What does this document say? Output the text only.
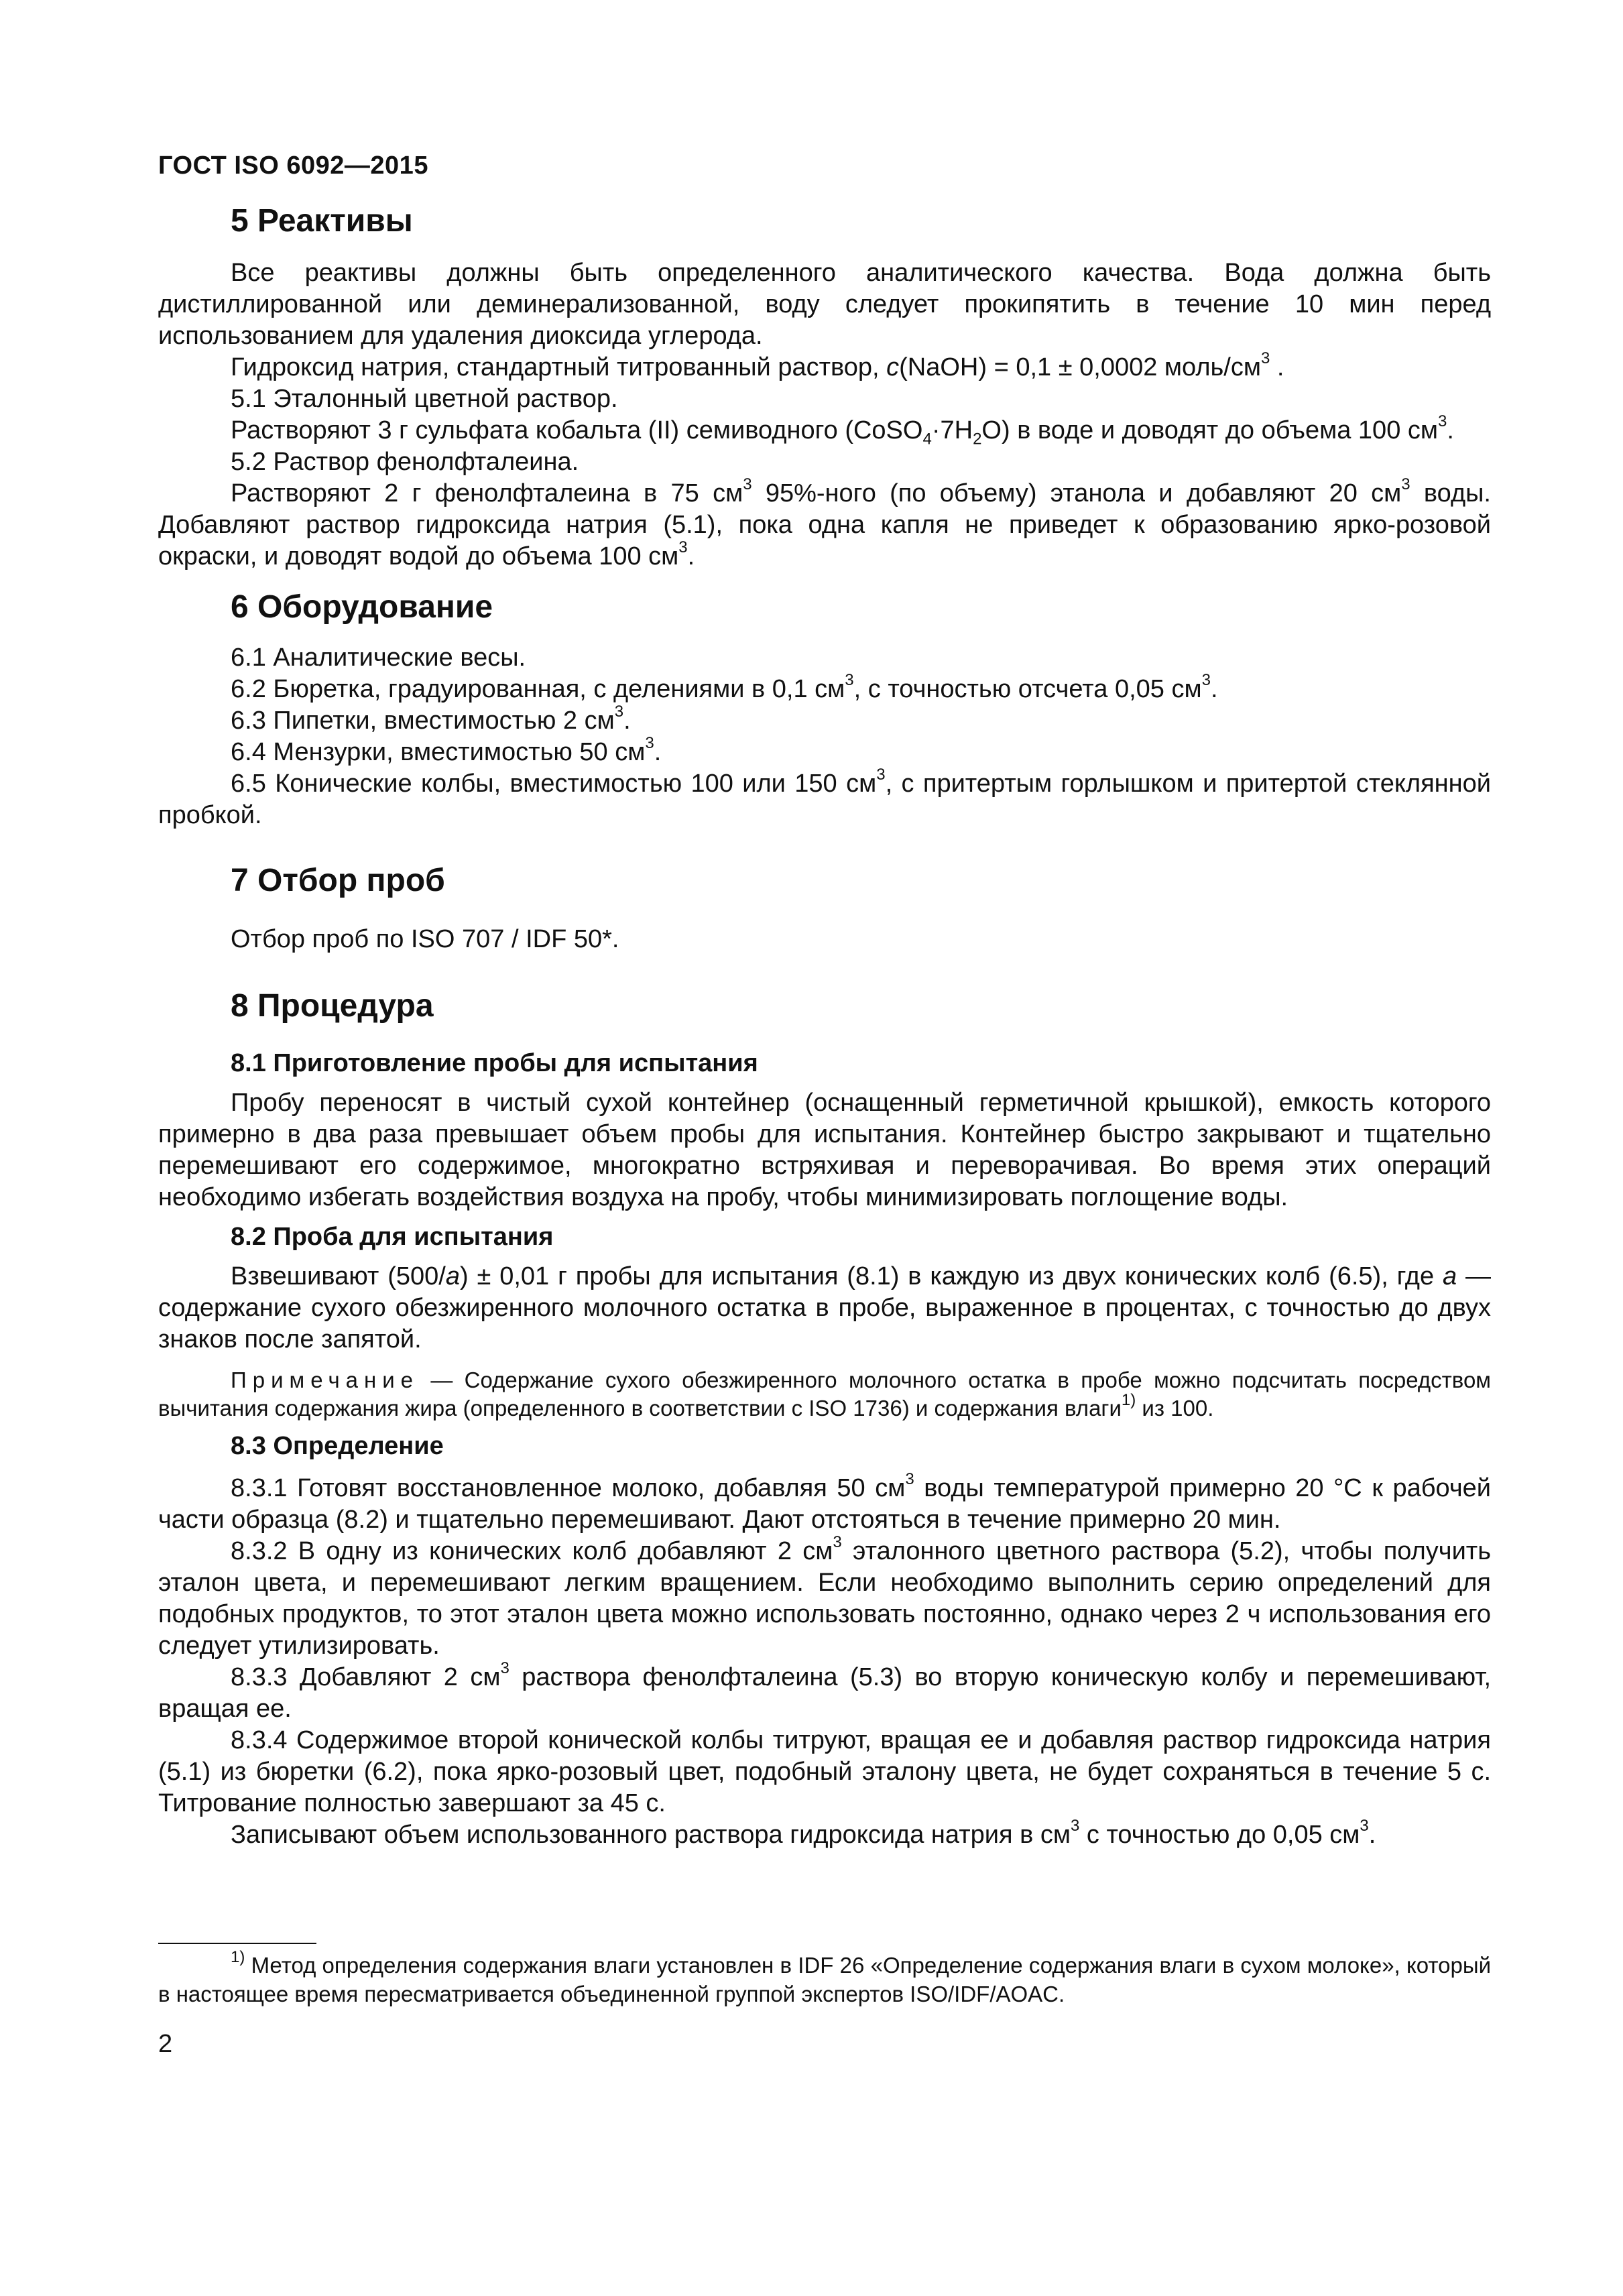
ГОСТ ISO 6092—2015
5 Реактивы

Все реактивы должны быть определенного аналитического качества. Вода должна быть дистиллированной или деминерализованной, воду следует прокипятить в течение 10 мин перед использованием для удаления диоксида углерода.

Гидроксид натрия, стандартный титрованный раствор, c(NaOH) = 0,1 ± 0,0002 моль/$см^3$ .

5.1 Эталонный цветной раствор.

Растворяют 3 г сульфата кобальта (II) семиводного $(CoSO_4\cdot 7H_2O)$ в воде и доводят до объема 100 $см^3$.

5.2 Раствор фенолфталеина.

Растворяют 2 г фенолфталеина в 75 $см^3$ 95%-ного (по объему) этанола и добавляют 20 $см^3$ воды. Добавляют раствор гидроксида натрия (5.1), пока одна капля не приведет к образованию ярко-розовой окраски, и доводят водой до объема 100 $см^3$.

6 Оборудование

6.1 Аналитические весы.

6.2 Бюретка, градуированная, с делениями в 0,1 $см^3$, с точностью отсчета 0,05 $см^3$.

6.3 Пипетки, вместимостью 2 $см^3$.

6.4 Мензурки, вместимостью 50 $см^3$.

6.5 Конические колбы, вместимостью 100 или 150 $см^3$, с притертым горлышком и притертой стеклянной пробкой.

7 Отбор проб

Отбор проб по ISO 707 / IDF 50*.

8 Процедура
8.1 Приготовление пробы для испытания

Пробу переносят в чистый сухой контейнер (оснащенный герметичной крышкой), емкость которого примерно в два раза превышает объем пробы для испытания. Контейнер быстро закрывают и тщательно перемешивают его содержимое, многократно встряхивая и переворачивая. Во время этих операций необходимо избегать воздействия воздуха на пробу, чтобы минимизировать поглощение воды.

8.2 Проба для испытания

Взвешивают (500/a) ± 0,01 г пробы для испытания (8.1) в каждую из двух конических колб (6.5), где a — содержание сухого обезжиренного молочного остатка в пробе, выраженное в процентах, с точностью до двух знаков после запятой.

Примечание — Содержание сухого обезжиренного молочного остатка в пробе можно подсчитать посредством вычитания содержания жира (определенного в соответствии с ISO 1736) и содержания влаги$^{1)}$ из 100.

8.3 Определение

8.3.1 Готовят восстановленное молоко, добавляя 50 $см^3$ воды температурой примерно 20 °С к рабочей части образца (8.2) и тщательно перемешивают. Дают отстояться в течение примерно 20 мин.

8.3.2 В одну из конических колб добавляют 2 $см^3$ эталонного цветного раствора (5.2), чтобы получить эталон цвета, и перемешивают легким вращением. Если необходимо выполнить серию определений для подобных продуктов, то этот эталон цвета можно использовать постоянно, однако через 2 ч использования его следует утилизировать.

8.3.3 Добавляют 2 $см^3$ раствора фенолфталеина (5.3) во вторую коническую колбу и перемешивают, вращая ее.

8.3.4 Содержимое второй конической колбы титруют, вращая ее и добавляя раствор гидроксида натрия (5.1) из бюретки (6.2), пока ярко-розовый цвет, подобный эталону цвета, не будет сохраняться в течение 5 с. Титрование полностью завершают за 45 с.

Записывают объем использованного раствора гидроксида натрия в $см^3$ с точностью до 0,05 $см^3$.

$^{1)}$ Метод определения содержания влаги установлен в IDF 26 «Определение содержания влаги в сухом молоке», который в настоящее время пересматривается объединенной группой экспертов ISO/IDF/AOAC.

2
